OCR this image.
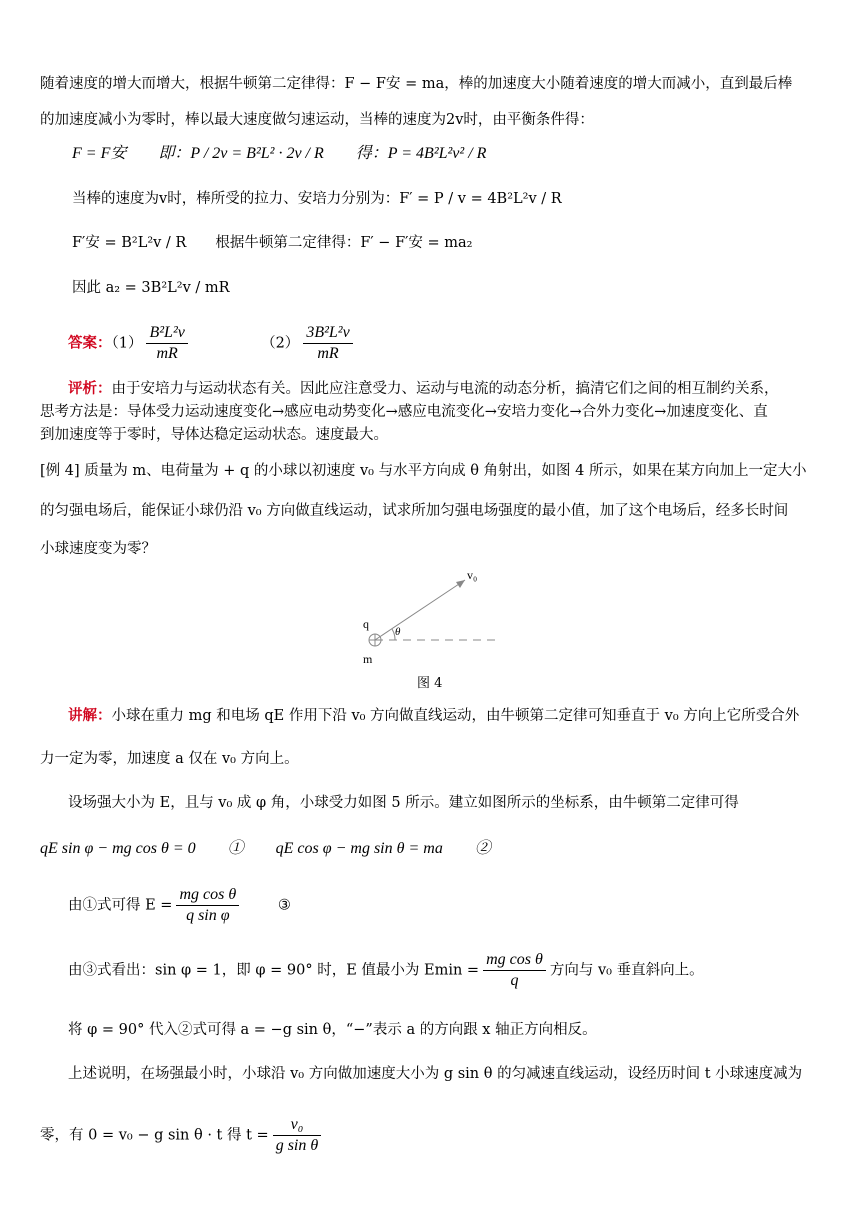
随着速度的增大而增大，根据牛顿第二定律得：F − F安 = ma，棒的加速度大小随着速度的增大而减小，直到最后棒
的加速度减小为零时，棒以最大速度做匀速运动，当棒的速度为2v时，由平衡条件得：
F = F安　　即：P / 2v = B²L² · 2v / R　　得：P = 4B²L²v² / R
当棒的速度为v时，棒所受的拉力、安培力分别为：F′ = P / v = 4B²L²v / R
F′安 = B²L²v / R　　根据牛顿第二定律得：F′ − F′安 = ma₂
因此 a₂ = 3B²L²v / mR
答案：$(1) \frac{\text{B²L²v}}{mR}$	$(2) \frac{\text{3B²L²v}}{mR}$
评析：由于安培力与运动状态有关。因此应注意受力、运动与电流的动态分析，搞清它们之间的相互制约关系，
思考方法是：导体受力运动速度变化→感应电动势变化→感应电流变化→安培力变化→合外力变化→加速度变化、直
到加速度等于零时，导体达稳定运动状态。速度最大。
[例 4] 质量为 m、电荷量为 + q 的小球以初速度 v₀ 与水平方向成 θ 角射出，如图 4 所示，如果在某方向加上一定大小
的匀强电场后，能保证小球仍沿 v₀ 方向做直线运动，试求所加匀强电场强度的最小值，加了这个电场后，经多长时间
小球速度变为零？
v₀
q
θ
m
图 4
讲解：小球在重力 mg 和电场 qE 作用下沿 v₀ 方向做直线运动，由牛顿第二定律可知垂直于 v₀ 方向上它所受合外
力一定为零，加速度 a 仅在 v₀ 方向上。
设场强大小为 E，且与 v₀ 成 φ 角，小球受力如图 5 所示。建立如图所示的坐标系，由牛顿第二定律可得
qE sin φ − mg cos θ = 0　　①　　qE cos φ − mg sin θ = ma　　②
由①式可得 $E = \frac{\text{mg cos θ}}{\text{q sin φ}}$	③
由③式看出：sin φ = 1，即 φ = 90° 时，E 值最小为 $Emin = \frac{\text{mg cos θ}}{q}$ 方向与 v₀ 垂直斜向上。
将 φ = 90° 代入②式可得 a = −g sin θ，“−”表示 a 的方向跟 x 轴正方向相反。
上述说明，在场强最小时，小球沿 v₀ 方向做加速度大小为 g sin θ 的匀减速直线运动，设经历时间 t 小球速度减为
零，有 0 = v₀ − g sin θ · t 得 $t = \frac{\text{v₀}}{\text{g sin θ}}$
